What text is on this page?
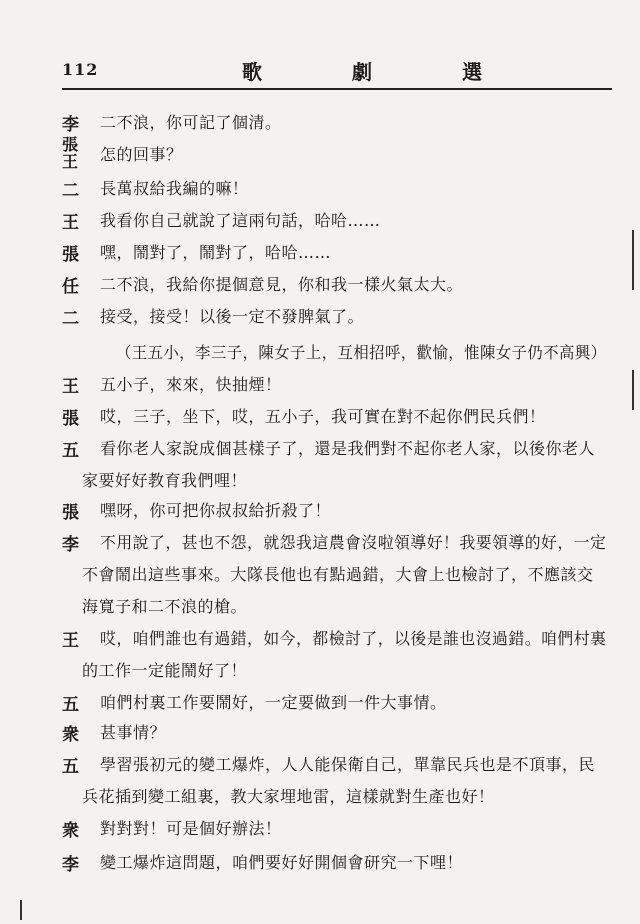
112	歌	劇	選
李 二不浪，你可記了個清。
張
王 怎的回事？
二 長萬叔給我編的嘛！
王 我看你自己就說了這兩句話，哈哈……
張 嘿，鬧對了，鬧對了，哈哈……
任 二不浪，我給你提個意見，你和我一樣火氣太大。
二 接受，接受！以後一定不發脾氣了。
（王五小，李三子，陳女子上，互相招呼，歡愉，惟陳女子仍不高興）
王 五小子，來來，快抽煙！
張 哎，三子，坐下，哎，五小子，我可實在對不起你們民兵們！
五 看你老人家說成個甚樣子了，還是我們對不起你老人家，以後你老人
家要好好教育我們哩！
張 嘿呀，你可把你叔叔給折殺了！
李 不用說了，甚也不怨，就怨我這農會沒啦領導好！我要領導的好，一定
不會鬧出這些事來。大隊長他也有點過錯，大會上也檢討了，不應該交
海寬子和二不浪的槍。
王 哎，咱們誰也有過錯，如今，都檢討了，以後是誰也沒過錯。咱們村裏
的工作一定能鬧好了！
五 咱們村裏工作要鬧好，一定要做到一件大事情。
衆 甚事情？
五 學習張初元的變工爆炸，人人能保衛自己，單靠民兵也是不頂事，民
兵花插到變工組裏，教大家埋地雷，這樣就對生產也好！
衆 對對對！可是個好辦法！
李 變工爆炸這問題，咱們要好好開個會研究一下哩！
